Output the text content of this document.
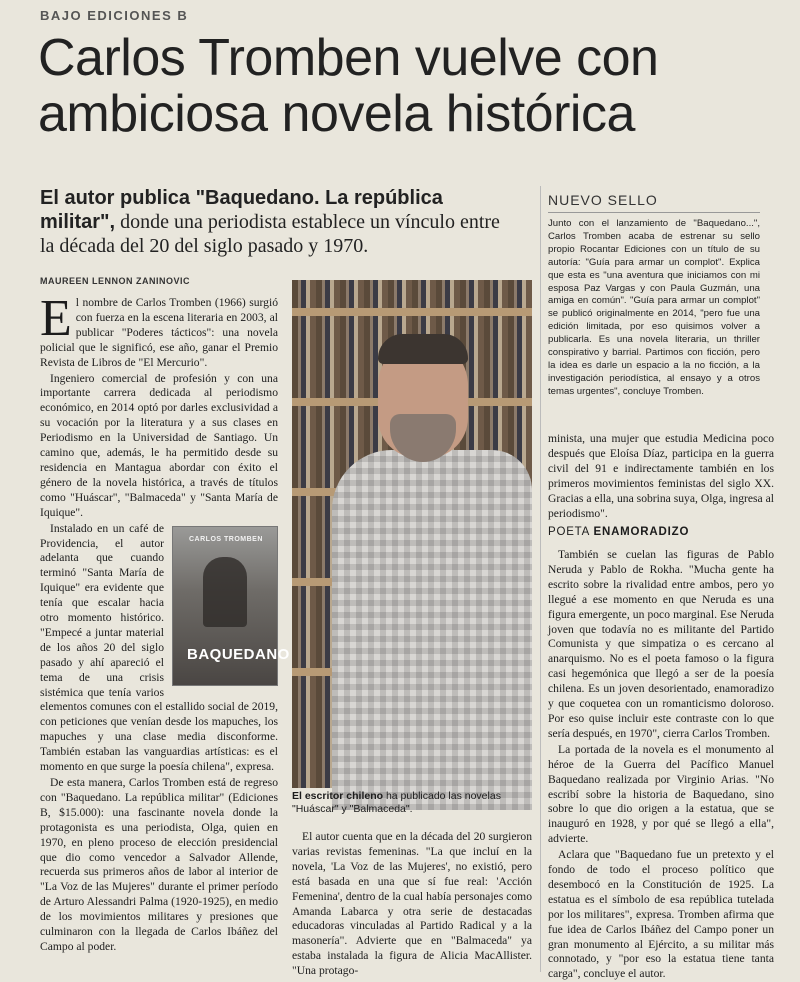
BAJO EDICIONES B
Carlos Tromben vuelve con ambiciosa novela histórica
El autor publica "Baquedano. La república militar", donde una periodista establece un vínculo entre la década del 20 del siglo pasado y 1970.
MAUREEN LENNON ZANINOVIC

El nombre de Carlos Tromben (1966) surgió con fuerza en la escena literaria en 2003, al publicar "Poderes tácticos": una novela policial que le significó, ese año, ganar el Premio Revista de Libros de "El Mercurio".

Ingeniero comercial de profesión y con una importante carrera dedicada al periodismo económico, en 2014 optó por darles exclusividad a su vocación por la literatura y a sus clases en Periodismo en la Universidad de Santiago. Un camino que, además, le ha permitido desde su residencia en Mantagua abordar con éxito el género de la novela histórica, a través de títulos como "Huáscar", "Balmaceda" y "Santa María de Iquique".

CARLOS TROMBEN
BAQUEDANO
Instalado en un café de Providencia, el autor adelanta que cuando terminó "Santa María de Iquique" era evidente que tenía que escalar hacia otro momento histórico. "Empecé a juntar material de los años 20 del siglo pasado y ahí apareció el tema de una crisis sistémica que tenía varios elementos comunes con el estallido social de 2019, con peticiones que venían desde los mapuches, los mapuches y una clase media disconforme. También estaban las vanguardias artísticas: es el momento en que surge la poesía chilena", expresa.

De esta manera, Carlos Tromben está de regreso con "Baquedano. La república militar" (Ediciones B, $15.000): una fascinante novela donde la protagonista es una periodista, Olga, quien en 1970, en pleno proceso de elección presidencial que dio como vencedor a Salvador Allende, recuerda sus primeros años de labor al interior de "La Voz de las Mujeres" durante el primer período de Arturo Alessandri Palma (1920-1925), en medio de los movimientos militares y presiones que culminaron con la llegada de Carlos Ibáñez del Campo al poder.

El escritor chileno ha publicado las novelas "Huáscar" y "Balmaceda".

El autor cuenta que en la década del 20 surgieron varias revistas femeninas. "La que incluí en la novela, 'La Voz de las Mujeres', no existió, pero está basada en una que sí fue real: 'Acción Femenina', dentro de la cual había personajes como Amanda Labarca y otra serie de destacadas educadoras vinculadas al Partido Radical y a la masonería". Advierte que en "Balmaceda" ya estaba instalada la figura de Alicia MacAllister. "Una protago-

NUEVO SELLO

Junto con el lanzamiento de "Baquedano...", Carlos Tromben acaba de estrenar su sello propio Rocantar Ediciones con un título de su autoría: "Guía para armar un complot". Explica que esta es "una aventura que iniciamos con mi esposa Paz Vargas y con Paula Guzmán, una amiga en común". "Guía para armar un complot" se publicó originalmente en 2014, "pero fue una edición limitada, por eso quisimos volver a publicarla. Es una novela literaria, un thriller conspirativo y barrial. Partimos con ficción, pero la idea es darle un espacio a la no ficción, a la investigación periodística, al ensayo y a otros temas urgentes", concluye Tromben.

minista, una mujer que estudia Medicina poco después que Eloísa Díaz, participa en la guerra civil del 91 e indirectamente también en los primeros movimientos feministas del siglo XX. Gracias a ella, una sobrina suya, Olga, ingresa al periodismo".

POETA ENAMORADIZO

También se cuelan las figuras de Pablo Neruda y Pablo de Rokha. "Mucha gente ha escrito sobre la rivalidad entre ambos, pero yo llegué a ese momento en que Neruda es una figura emergente, un poco marginal. Ese Neruda joven que todavía no es militante del Partido Comunista y que simpatiza o es cercano al anarquismo. No es el poeta famoso o la figura casi hegemónica que llegó a ser de la poesía chilena. Es un joven desorientado, enamoradizo y que coquetea con un romanticismo doloroso. Por eso quise incluir este contraste con lo que sería después, en 1970", cierra Carlos Tromben.

La portada de la novela es el monumento al héroe de la Guerra del Pacífico Manuel Baquedano realizada por Virginio Arias. "No escribí sobre la historia de Baquedano, sino sobre lo que dio origen a la estatua, que se inauguró en 1928, y por qué se llegó a ella", advierte.

Aclara que "Baquedano fue un pretexto y el fondo de todo el proceso político que desembocó en la Constitución de 1925. La estatua es el símbolo de esa república tutelada por los militares", expresa. Tromben afirma que fue idea de Carlos Ibáñez del Campo poner un gran monumento al Ejército, a su militar más connotado, y "por eso la estatua tiene tanta carga", concluye el autor.
